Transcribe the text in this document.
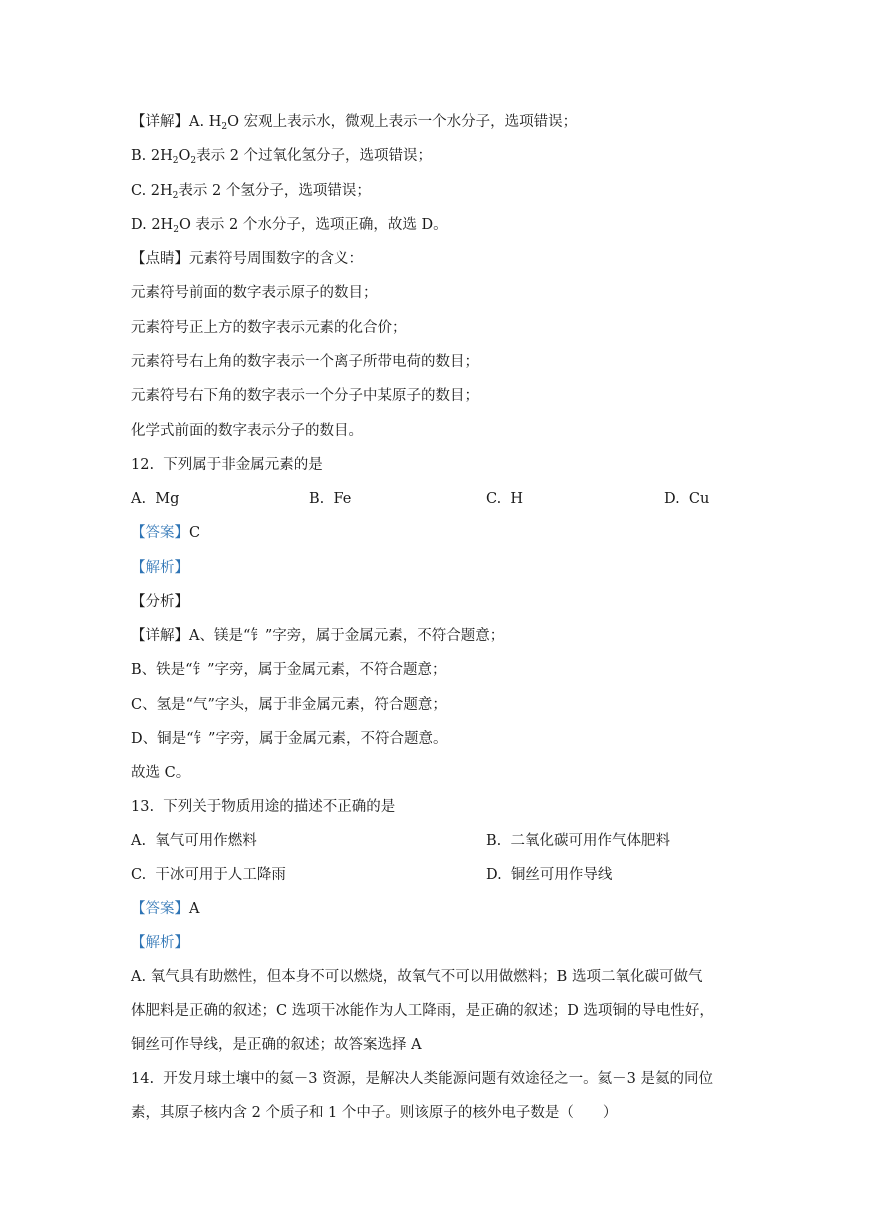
【详解】A. $H_2O$ 宏观上表示水，微观上表示一个水分子，选项错误；
B. $2H_2O_2$表示 2 个过氧化氢分子，选项错误；
C. $2H_2$表示 2 个氢分子，选项错误；
D. $2H_2O$ 表示 2 个水分子，选项正确，故选 D。
【点睛】元素符号周围数字的含义：
元素符号前面的数字表示原子的数目；
元素符号正上方的数字表示元素的化合价；
元素符号右上角的数字表示一个离子所带电荷的数目；
元素符号右下角的数字表示一个分子中某原子的数目；
化学式前面的数字表示分子的数目。
12.  下列属于非金属元素的是
A.  Mg	B.  Fe	C.  H	D.  Cu
【答案】C
【解析】
【分析】
【详解】A、镁是“钅”字旁，属于金属元素，不符合题意；
B、铁是“钅”字旁，属于金属元素，不符合题意；
C、氢是“气”字头，属于非金属元素，符合题意；
D、铜是“钅”字旁，属于金属元素，不符合题意。
故选 C。
13.  下列关于物质用途的描述不正确的是
A.  氧气可用作燃料	B.  二氧化碳可用作气体肥料
C.  干冰可用于人工降雨	D.  铜丝可用作导线
【答案】A
【解析】
A. 氧气具有助燃性，但本身不可以燃烧，故氧气不可以用做燃料；B 选项二氧化碳可做气
体肥料是正确的叙述；C 选项干冰能作为人工降雨，是正确的叙述；D 选项铜的导电性好，
铜丝可作导线，是正确的叙述；故答案选择 A
14.  开发月球土壤中的氦－3 资源，是解决人类能源问题有效途径之一。氦－3 是氦的同位
素，其原子核内含 2 个质子和 1 个中子。则该原子的核外电子数是（　　）
